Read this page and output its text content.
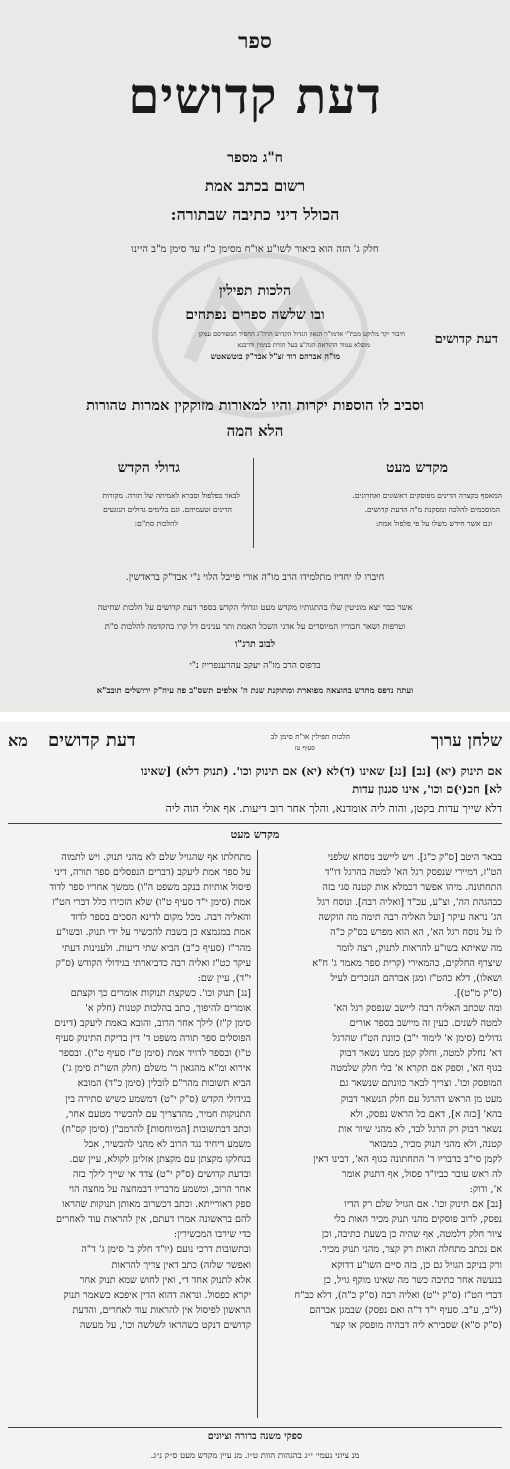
ספר
דעת קדושים
ח"ג מספר
רשום בכתב אמת
הכולל דיני כתיבה שבתורה:
חלק ג' הזה הוא ביאור לשו"ע או"ח מסימן כ"ז עד סימן מ"ב היינו
הלכות תפילין
ובו שלשה ספרים נפתחים
דעת קדושים
חיבור יקר מלוקט מכת"י אדמו"ר הגאון הגדול הקדוש הרה"ג החסיד המפורסם עמקן
מופלא עמוד ההוראה הגה"צ בעל תורת בנימין ודרבנא
מו"ה אברהם דוד זצ"ל אבד"ק בוטשאטש
וסביב לו הוספות יקרות והיו למאורות מזוקקין אמרות טהורות
הלא המה
מקדש מעט
המאסף בקצרה הדינים מפוסקים ראשונים ואחרונים.
המוסכמים להלכה ומסקנת מ"ה הדעת קדושים.
וגם אשר חידש משלו על פי פלפול אמת:
גדולי הקדש
לבאר בפלפול וסברא לאמיתה של תורה. מקורות
הדינים וטעמיהם. וגם בלימים גדולים הנוגעים
להלכות סת"ם:
חיברו לו יחדיו מתלמידו הרב מו"ה אורי פייבל הלוי נ"י אבד"ק בראדשין.
אשר כבר יצא מוניטין שלו בהתגותיו מקדש מעט וגדולי הקדש בספר דעת קדושים על הלכות שחיטה
וטרפות ושאר חבוריו המיוסדים על אדני השכל האמת ותר ענינים דל קרו בהקדמה להלכות ס"ת
לבוב תרנ"ו
בדפוס הרב מו"ה יעקב עהרענפרייז נ"י
ועתה נדפס מחדש בהוצאה מפוארת ומתוקנת שנת ה' אלפים תשס"ב פה עיה"ק ירושלים תובב"א
שלחן ערוך
הלכות תפילין או"ח סימן לב
סעיף טז
דעת קדושים
מא
אם תינוק (יא) [נב] [נג] שאינו (ד)לא (יא) אם תינוק וכו'. (תנוק דלא) [שאינו
לא] חכ(י)ם וכו', אינו סגנון עדות
דלא שייך עדות בקטן, והוה ליה אומדנא, והלך אחר רוב דיעות. אף אולי הוה ליה
מקדש מעט

בבאר היטב [ס"ק כ"ג]. ויש ליישב נוסחא שלפני

הט"ז, דמיירי שנפסק רגל הא' למטה בהרגל דו"ד

התחתונה. מיהו אפשר דכמלא אות קטנה סגי בזה

כבהגהת הה', וצ"ע, עכ"ד [ואליה רבה]. ונוסח רגל

הג' נראה עיקר [ועל האליה רבה תימה מה הוקשה

לו על נוסח רגל הא', הא הוא מפרש בס"ק כ"ה

מה שאיתא בשו"ע להראות לתנוק, רצה לומר

שיצרף החלקים, כהמאירי (קרית ספר מאמר ג' ח"א

ושאלו), דלא כהט"ז ומגן אברהם הנזכרים לעיל

(ס"ק מ"ט)].

ומה שכתב האליה רבה ליישב שנפסק רגל הא'

למטה לשנים. כעין זה מיישב בספר אורים

גדולים (סימן א' לימוד י"ב) כוונת הט"ז שהרגל

דא' נחלק למטה, וחלק קטן ממנו נשאר דבוק

בגוף הא', וספק אם תקרא א' בלי חלק שלמטה

המופסק וכו'. וצריך לבאר כוונתם שנשאר גם

מעט מן הראש דהרגל עם חלק הנשאר דבוק

בהא' [כזה א], דאם כל הראש נפסק, ולא

נשאר דבוק רק הרגל לבד, לא מהני שיור אות

קטנה, ולא מהני תנוק מכיר, כמבואר

לקמן סי"ב בדבריו ד' התחתונה בגוף הא', דבינו דאין

לה ראש עובר כביו"ד פסול, אף דתנוק אומר

א', ודוק:

[נב] אם תינוק וכו'. אם הגויל שלם רק הדיו

נפסק, לרוב פוסקים מהני תנוק מכיר האות בלי

ציור חלק דלמטה, אף שהיה כן בשעת כתיבה, וכן

אם נכתב מתחלה האות רק קצר, מהני תנוק מכיר.

ורק בניקב הגויל גם כן, בזה סיים השו"ע דדוקא

בנעשה אחר כתיבה כשר מה שאינו מוקף גויל, כן

דברי הט"ז (ס"ק י"ט) ואליה רבה (ס"ק כ"ה), דלא כב"ח

(ל"ב, ע"ב. סעיף י"ד ד"ה ואם נפסק) שבמגן אברהם

(ס"ק ס"א) שסבירא ליה דבהיה מופסק או קצר

מתחלתו אף שהגויל שלם לא מהני תנוק. ויש לתמוה

על ספר אמת ליעקב (דברים הנפסלים ספר תורה, דיני

פיסול אותיות בנקב משפט ה"ו) ממשך אחריו ספר לדוד

אמת (סימן י"ד סעיף ט"ו) שלא הזכירו כלל דברי הט"ז

והאליה רבה. מכל מקום לדינא הסכים בספר לדוד

אמת במגמצא כן בשבת להכשיר על ידי תנוק. ובשו"ע

מהר"ז (סעיף כ"ב) הביא שתי דיעות. ולענינות דעתי

עיקר כט"ז ואליה רבה כדביארתי בגידולי הקודש (ס"ק

י"ד), עיין שם:

[נג] תנוק וכו'. כשקצת תנוקות אומרים כך וקצתם

אומרים להיפוך, כתב בהלכות קטנות (חלק א'

סימן ק"ז) לילך אחר הרוב, והובא באמת ליעקב (דינים

הפוסלים ספר תורה משפט ד' דין בדיקת התינוק סעיף

ט"ו) ובספר לדויד אמת (סימן ט"ז סעיף ט"ו). ובספר

אירוא ומ"א מהגאון ר' משלם (חלק השו"ת סימן ג')

הביא תשובות מהר"ם לובלין (סימן כ"ד) המובא

בגידולי הקדש (ס"ק י"ט) דמשמע כשיש סתירה בין

התנוקות חמיר, מהדצריך עם להכשיר מטעם אחר,

וכתב דבתשובות [המיוחסות] להרמב"ן (סימן קס"ח)

משמע דיחיד נגד הרוב לא מהני להכשיר, אבל

בנחלקו מקצתן עם מקצתן אזלינן לקולא, עיין שם.

ובדעת קדושים (ס"ק י"ט) צדד אי שייך לילך בזה

אחר הרוב, ומשמע מדבריו דבמחצה על מחצה הוי

ספק דאורייתא. וכתב דכשרוב מאותן תנוקות שהראו

להם בראשונה אמרו דעתם, אין להראות עוד לאחרים

כדי שירבו המכשירין:

ובתשובות דרכי נועם (יו"ד חלק ב' סימן ג' ד"ה

ואפשר שלזה) כתב דאין צריך להראות

אלא לתנוק אחד די, ואין לחוש שמא תנוק אחר

יקרא כפסול. ונראה דהוא הדין איפכא כשאמר תנוק

הראשון לפיסול אין להראות עוד לאחרים, והדעת

קדושים דנקט כשהראו לשלשה וכו', על מעשה

ספקי משנה ברורה וציונים
מנ ציוני נעמי׳ י״ג בהגהות הוות ט״ו. מנ עיין מקדש מעט ס״ק נ״ג.
